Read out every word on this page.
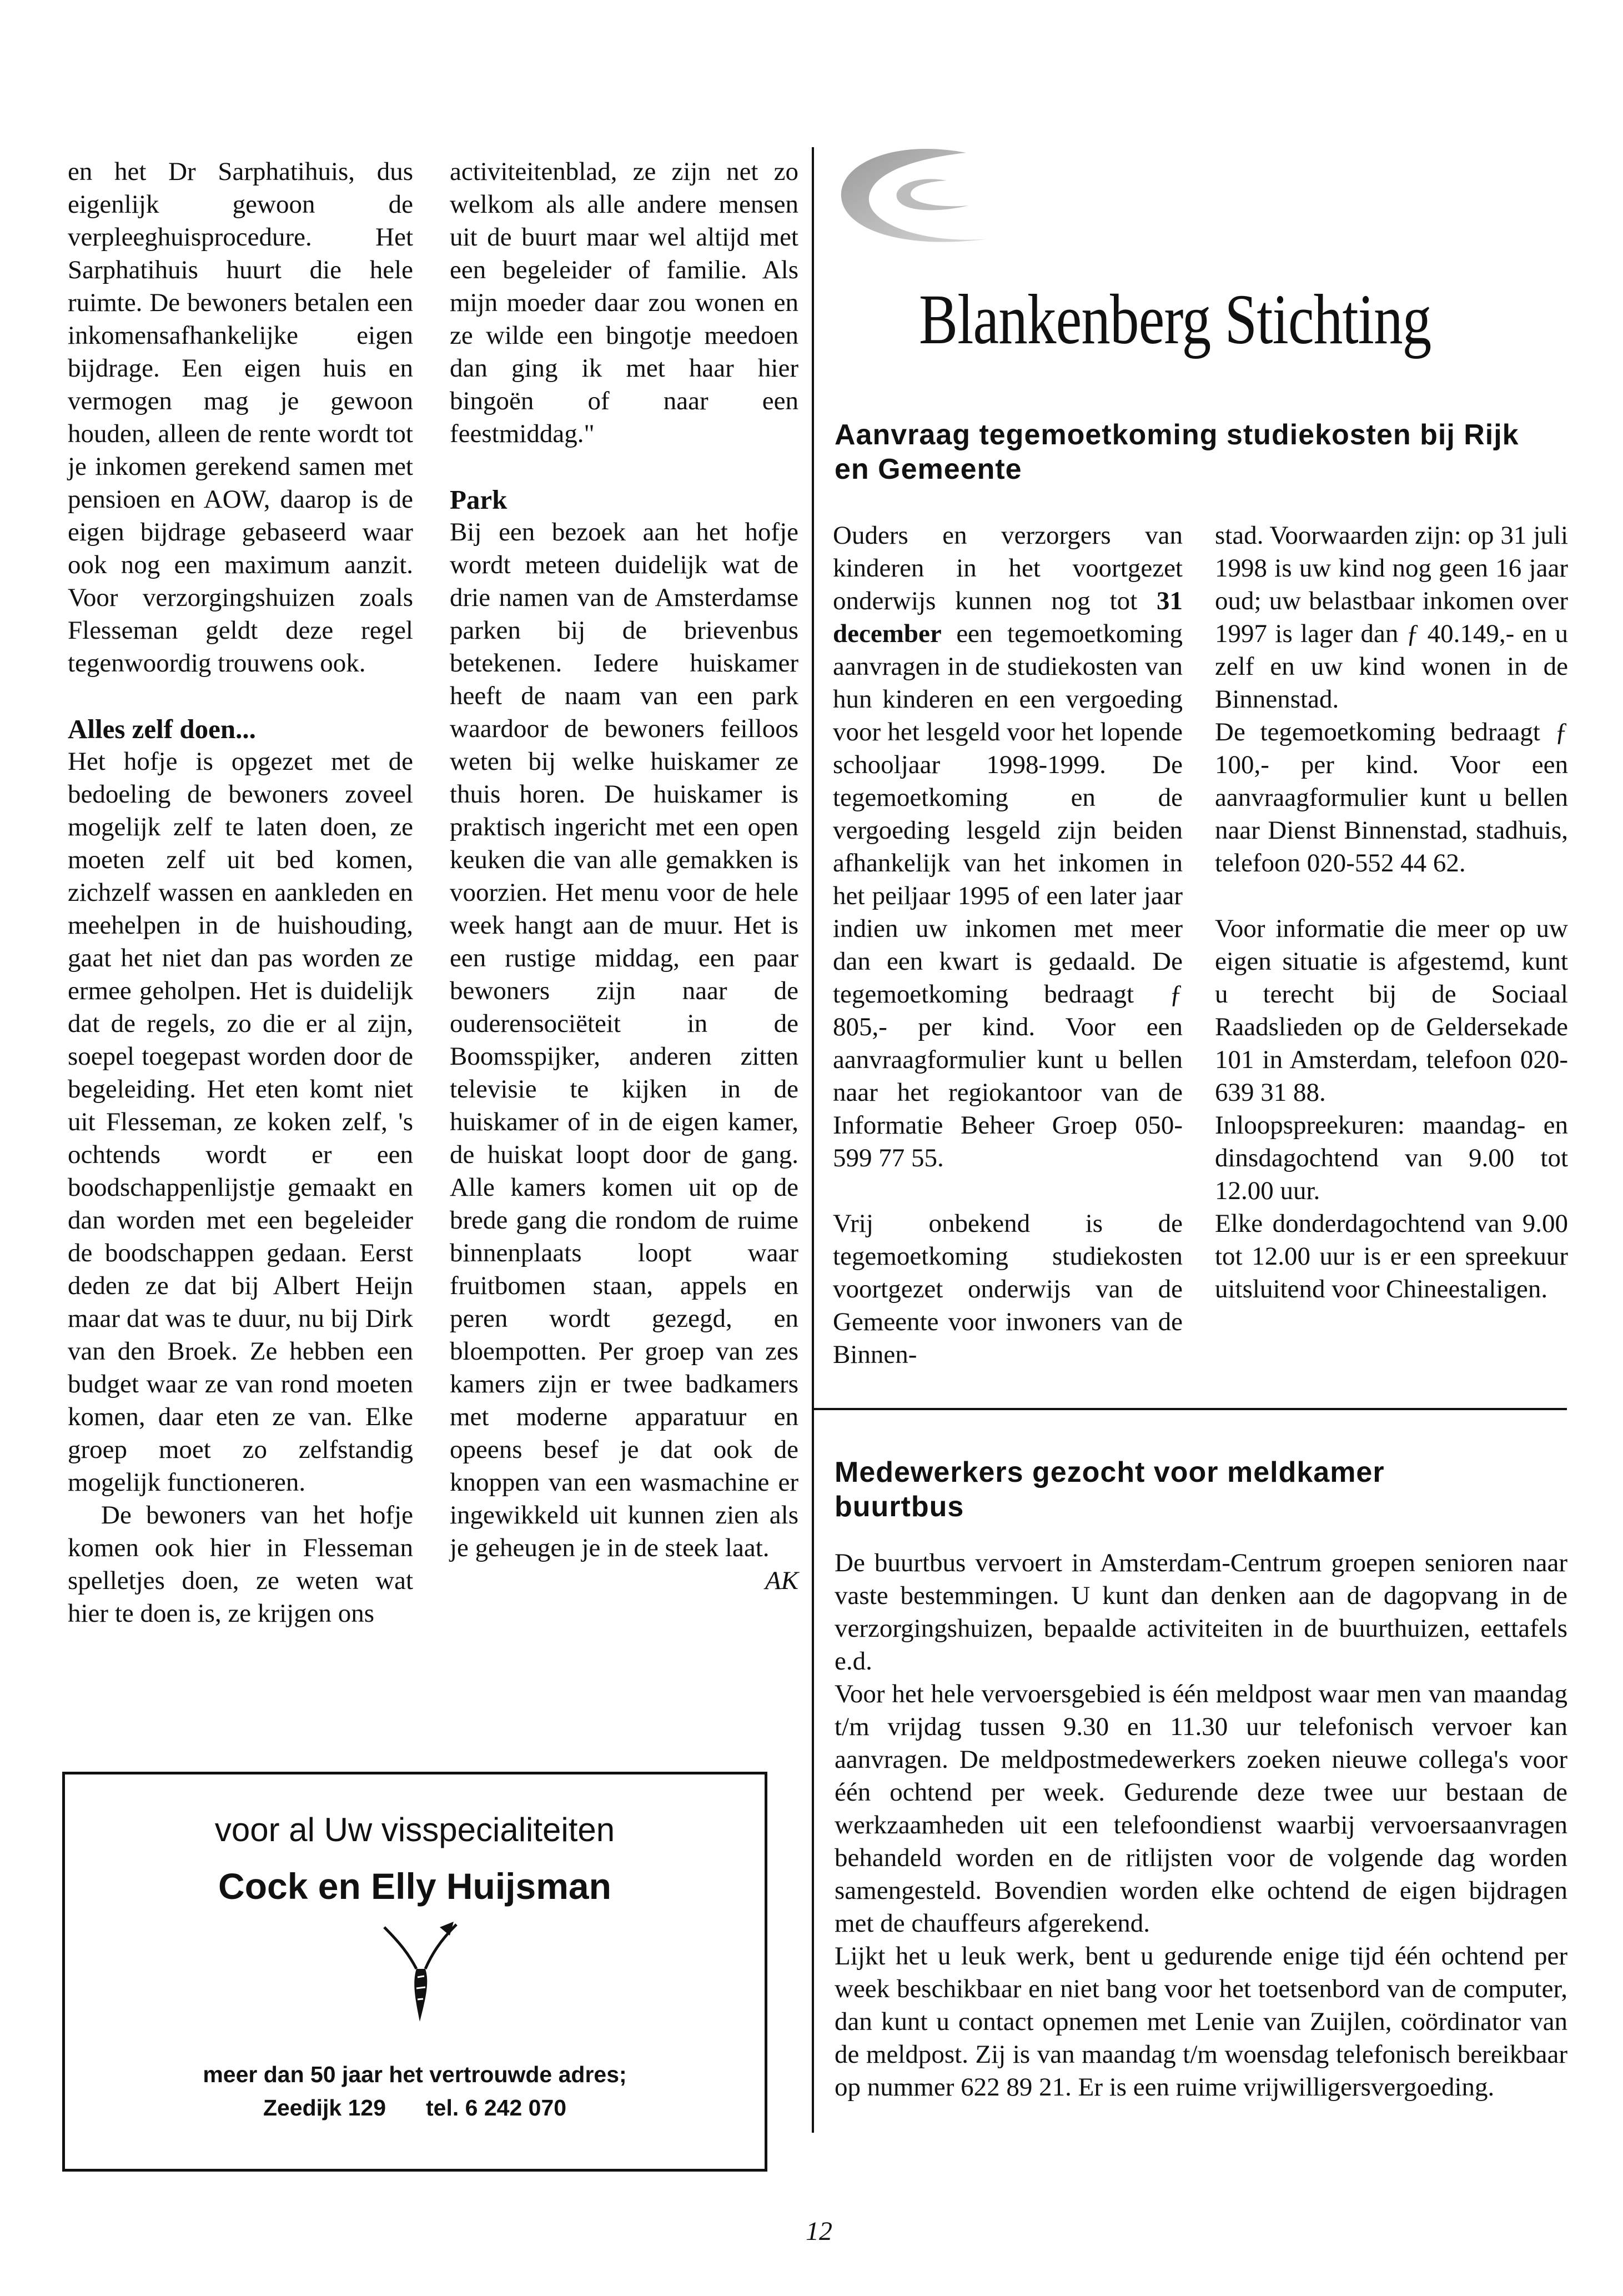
en het Dr Sarphatihuis, dus eigenlijk gewoon de verpleeghuisprocedure. Het Sarphatihuis huurt die hele ruimte. De bewoners betalen een inkomensafhankelijke eigen bijdrage. Een eigen huis en vermogen mag je gewoon houden, alleen de rente wordt tot je inkomen gerekend samen met pensioen en AOW, daarop is de eigen bijdrage gebaseerd waar ook nog een maximum aanzit. Voor verzorgingshuizen zoals Flesseman geldt deze regel tegenwoordig trouwens ook.

Alles zelf doen...

Het hofje is opgezet met de bedoeling de bewoners zoveel mogelijk zelf te laten doen, ze moeten zelf uit bed komen, zichzelf wassen en aankleden en meehelpen in de huishouding, gaat het niet dan pas worden ze ermee geholpen. Het is duidelijk dat de regels, zo die er al zijn, soepel toegepast worden door de begeleiding. Het eten komt niet uit Flesseman, ze koken zelf, 's ochtends wordt er een boodschappenlijstje gemaakt en dan worden met een begeleider de boodschappen gedaan. Eerst deden ze dat bij Albert Heijn maar dat was te duur, nu bij Dirk van den Broek. Ze hebben een budget waar ze van rond moeten komen, daar eten ze van. Elke groep moet zo zelfstandig mogelijk functioneren.

De bewoners van het hofje komen ook hier in Flesseman spelletjes doen, ze weten wat hier te doen is, ze krijgen ons

activiteitenblad, ze zijn net zo welkom als alle andere mensen uit de buurt maar wel altijd met een begeleider of familie. Als mijn moeder daar zou wonen en ze wilde een bingotje meedoen dan ging ik met haar hier bingoën of naar een feestmiddag."

Park

Bij een bezoek aan het hofje wordt meteen duidelijk wat de drie namen van de Amsterdamse parken bij de brievenbus betekenen. Iedere huiskamer heeft de naam van een park waardoor de bewoners feilloos weten bij welke huiskamer ze thuis horen. De huiskamer is praktisch ingericht met een open keuken die van alle gemakken is voorzien. Het menu voor de hele week hangt aan de muur. Het is een rustige middag, een paar bewoners zijn naar de ouderensociëteit in de Boomsspijker, anderen zitten televisie te kijken in de huiskamer of in de eigen kamer, de huiskat loopt door de gang. Alle kamers komen uit op de brede gang die rondom de ruime binnenplaats loopt waar fruitbomen staan, appels en peren wordt gezegd, en bloempotten. Per groep van zes kamers zijn er twee badkamers met moderne apparatuur en opeens besef je dat ook de knoppen van een wasmachine er ingewikkeld uit kunnen zien als je geheugen je in de steek laat.

AK

Blankenberg Stichting
Aanvraag tegemoetkoming studiekosten bij Rijk en Gemeente

Ouders en verzorgers van kinderen in het voortgezet onderwijs kunnen nog tot 31 december een tegemoetkoming aanvragen in de studiekosten van hun kinderen en een vergoeding voor het lesgeld voor het lopende schooljaar 1998-1999. De tegemoetkoming en de vergoeding lesgeld zijn beiden afhankelijk van het inkomen in het peiljaar 1995 of een later jaar indien uw inkomen met meer dan een kwart is gedaald. De tegemoetkoming bedraagt ƒ 805,- per kind. Voor een aanvraagformulier kunt u bellen naar het regiokantoor van de Informatie Beheer Groep 050-599 77 55.

Vrij onbekend is de tegemoetkoming studiekosten voortgezet onderwijs van de Gemeente voor inwoners van de Binnen-

stad. Voorwaarden zijn: op 31 juli 1998 is uw kind nog geen 16 jaar oud; uw belastbaar inkomen over 1997 is lager dan ƒ 40.149,- en u zelf en uw kind wonen in de Binnenstad.

De tegemoetkoming bedraagt ƒ 100,- per kind. Voor een aanvraagformulier kunt u bellen naar Dienst Binnenstad, stadhuis, telefoon 020-552 44 62.

Voor informatie die meer op uw eigen situatie is afgestemd, kunt u terecht bij de Sociaal Raadslieden op de Geldersekade 101 in Amsterdam, telefoon 020-639 31 88.

Inloopspreekuren: maandag- en dinsdagochtend van 9.00 tot 12.00 uur.

Elke donderdagochtend van 9.00 tot 12.00 uur is er een spreekuur uitsluitend voor Chineestaligen.

Medewerkers gezocht voor meldkamer buurtbus

De buurtbus vervoert in Amsterdam-Centrum groepen senioren naar vaste bestemmingen. U kunt dan denken aan de dagopvang in de verzorgingshuizen, bepaalde activiteiten in de buurthuizen, eettafels e.d.

Voor het hele vervoersgebied is één meldpost waar men van maandag t/m vrijdag tussen 9.30 en 11.30 uur telefonisch vervoer kan aanvragen. De meldpostmedewerkers zoeken nieuwe collega's voor één ochtend per week. Gedurende deze twee uur bestaan de werkzaamheden uit een telefoondienst waarbij vervoersaanvragen behandeld worden en de ritlijsten voor de volgende dag worden samengesteld. Bovendien worden elke ochtend de eigen bijdragen met de chauffeurs afgerekend.

Lijkt het u leuk werk, bent u gedurende enige tijd één ochtend per week beschikbaar en niet bang voor het toetsenbord van de computer, dan kunt u contact opnemen met Lenie van Zuijlen, coördinator van de meldpost. Zij is van maandag t/m woensdag telefonisch bereikbaar op nummer 622 89 21. Er is een ruime vrijwilligersvergoeding.

voor al Uw visspecialiteiten
Cock en Elly Huijsman
meer dan 50 jaar het vertrouwde adres;
Zeedijk 129 tel. 6 242 070
12
